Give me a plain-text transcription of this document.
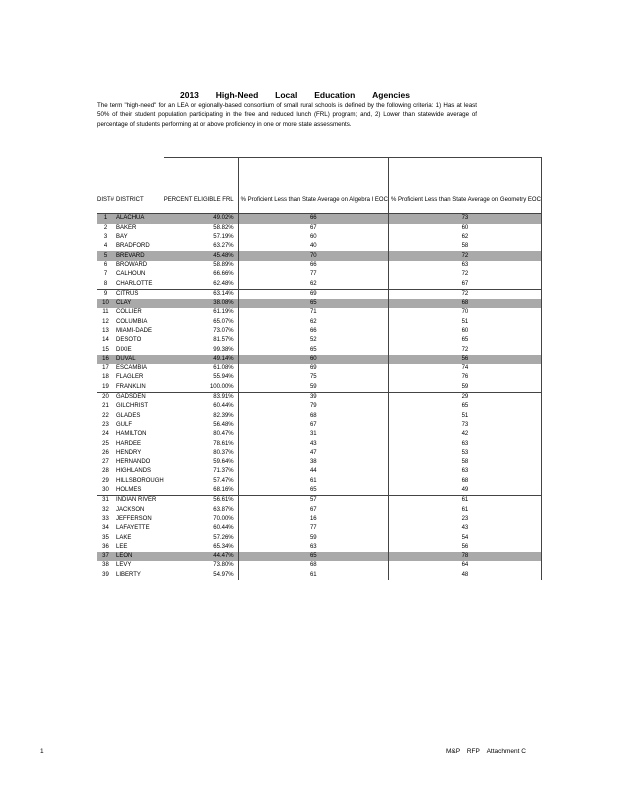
2013 High-Need Local Education Agencies
The term "high-need" for an LEA or egionally-based consortium of small rural schools is defined by the following criteria: 1) Has at least 50% of their student population participating in the free and reduced lunch (FRL) program; and, 2) Lower than statewide average of percentage of students performing at or above proficiency in one or more state assessments.
DIST#	DISTRICT	PERCENT ELIGIBLE FRL	% Proficient Less than State Average on Algebra I EOC	% Proficient Less than State Average on Geometry EOC

1	ALACHUA	49.02%	66	73
2	BAKER	58.82%	67	60
3	BAY	57.19%	60	62
4	BRADFORD	63.27%	40	58
5	BREVARD	45.48%	70	72
6	BROWARD	58.89%	66	63
7	CALHOUN	66.66%	77	72
8	CHARLOTTE	62.48%	62	67
9	CITRUS	63.14%	69	72
10	CLAY	38.08%	65	68
11	COLLIER	61.19%	71	70
12	COLUMBIA	65.07%	62	51
13	MIAMI-DADE	73.07%	66	60
14	DESOTO	81.57%	52	65
15	DIXIE	99.38%	65	72
16	DUVAL	49.14%	60	56
17	ESCAMBIA	61.08%	69	74
18	FLAGLER	55.94%	75	76
19	FRANKLIN	100.00%	59	59
20	GADSDEN	83.91%	39	29
21	GILCHRIST	60.44%	79	65
22	GLADES	82.39%	68	51
23	GULF	56.48%	67	73
24	HAMILTON	80.47%	31	42
25	HARDEE	78.61%	43	63
26	HENDRY	80.37%	47	53
27	HERNANDO	59.64%	38	58
28	HIGHLANDS	71.37%	44	63
29	HILLSBOROUGH	57.47%	61	68
30	HOLMES	68.16%	65	49
31	INDIAN RIVER	56.61%	57	61
32	JACKSON	63.87%	67	61
33	JEFFERSON	70.00%	16	23
34	LAFAYETTE	60.44%	77	43
35	LAKE	57.26%	59	54
36	LEE	65.34%	63	56
37	LEON	44.47%	65	78
38	LEVY	73.80%	68	64
39	LIBERTY	54.97%	61	48
1	M&P RFP Attachment C
